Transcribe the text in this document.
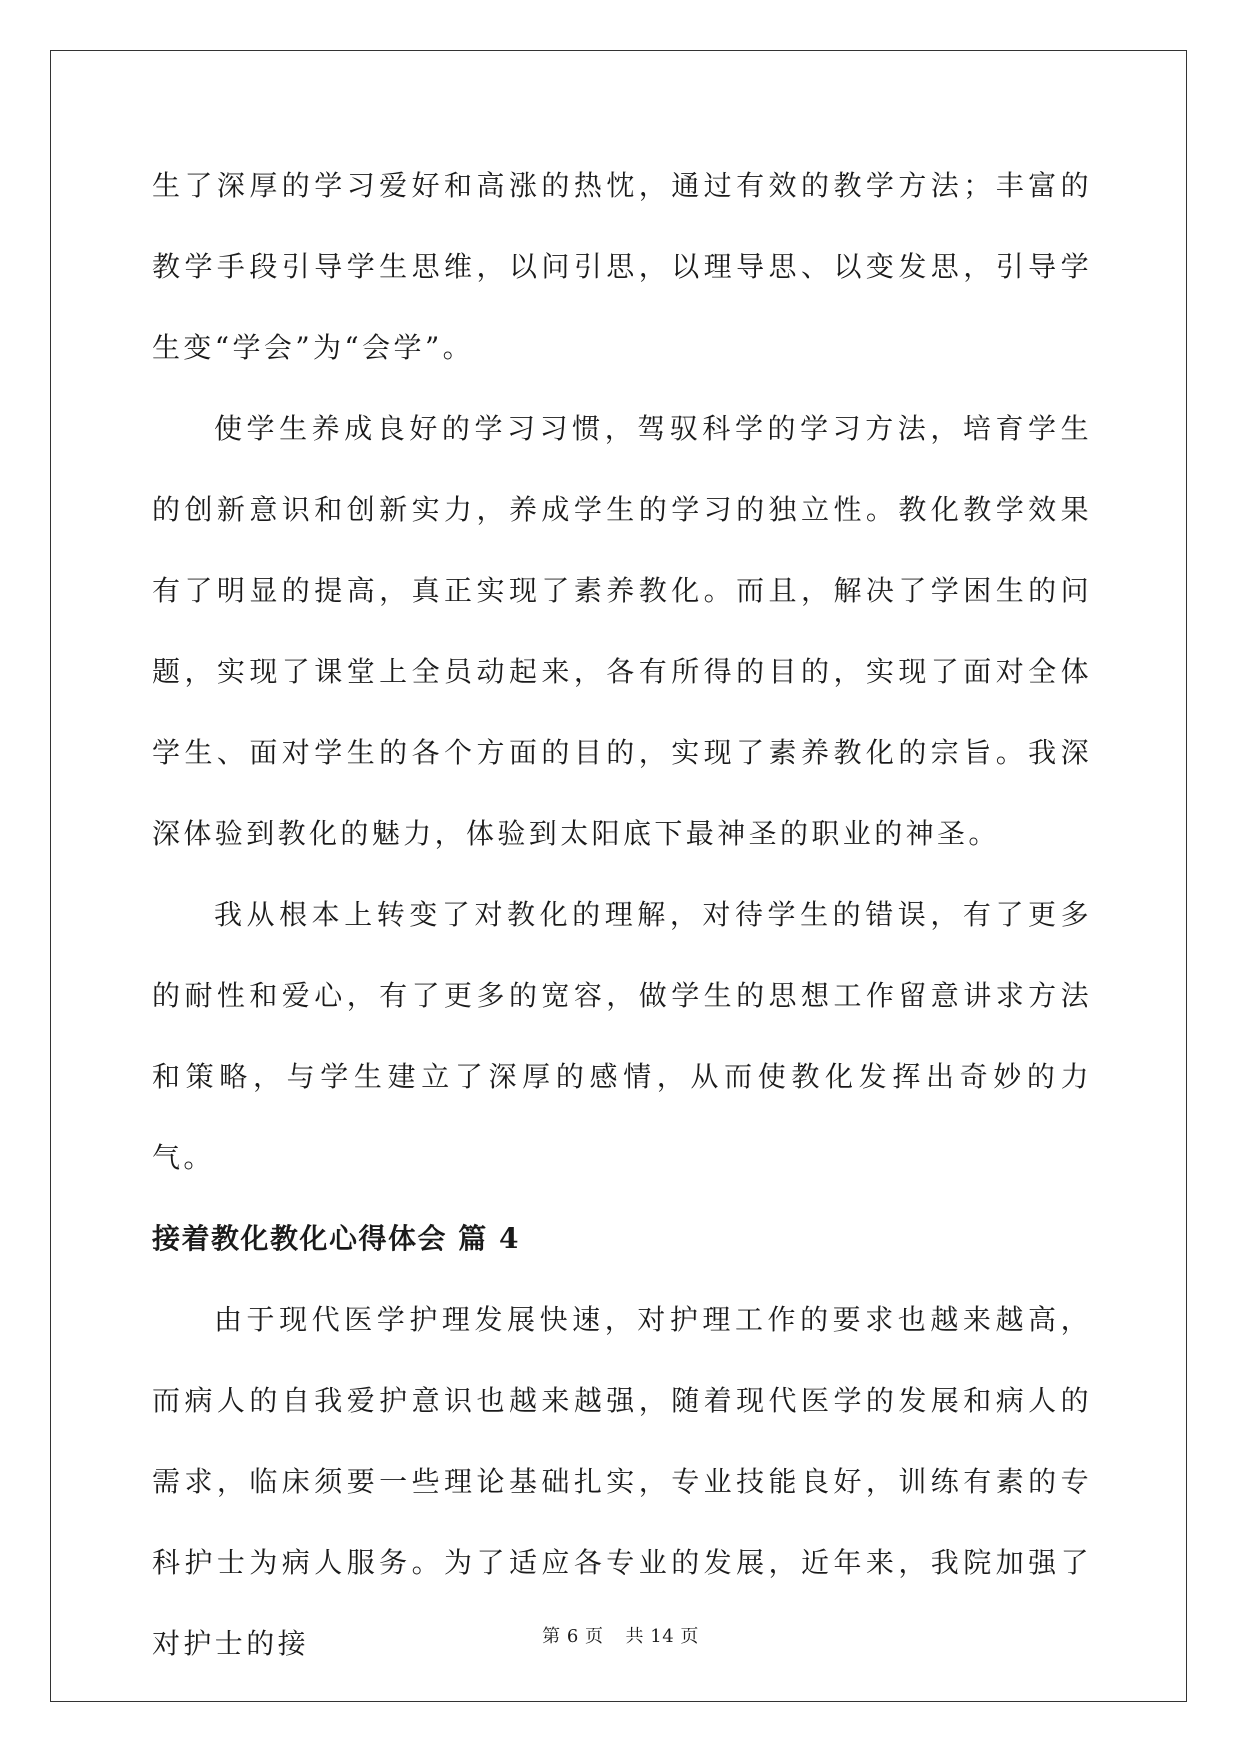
生了深厚的学习爱好和高涨的热忱，通过有效的教学方法；丰富的教学手段引导学生思维，以问引思，以理导思、以变发思，引导学生变“学会”为“会学”。

使学生养成良好的学习习惯，驾驭科学的学习方法，培育学生的创新意识和创新实力，养成学生的学习的独立性。教化教学效果有了明显的提高，真正实现了素养教化。而且，解决了学困生的问题，实现了课堂上全员动起来，各有所得的目的，实现了面对全体学生、面对学生的各个方面的目的，实现了素养教化的宗旨。我深深体验到教化的魅力，体验到太阳底下最神圣的职业的神圣。

我从根本上转变了对教化的理解，对待学生的错误，有了更多的耐性和爱心，有了更多的宽容，做学生的思想工作留意讲求方法和策略，与学生建立了深厚的感情，从而使教化发挥出奇妙的力气。

接着教化教化心得体会 篇 4

由于现代医学护理发展快速，对护理工作的要求也越来越高，而病人的自我爱护意识也越来越强，随着现代医学的发展和病人的需求，临床须要一些理论基础扎实，专业技能良好，训练有素的专科护士为病人服务。为了适应各专业的发展，近年来，我院加强了对护士的接	第 6 页 共 14 页
